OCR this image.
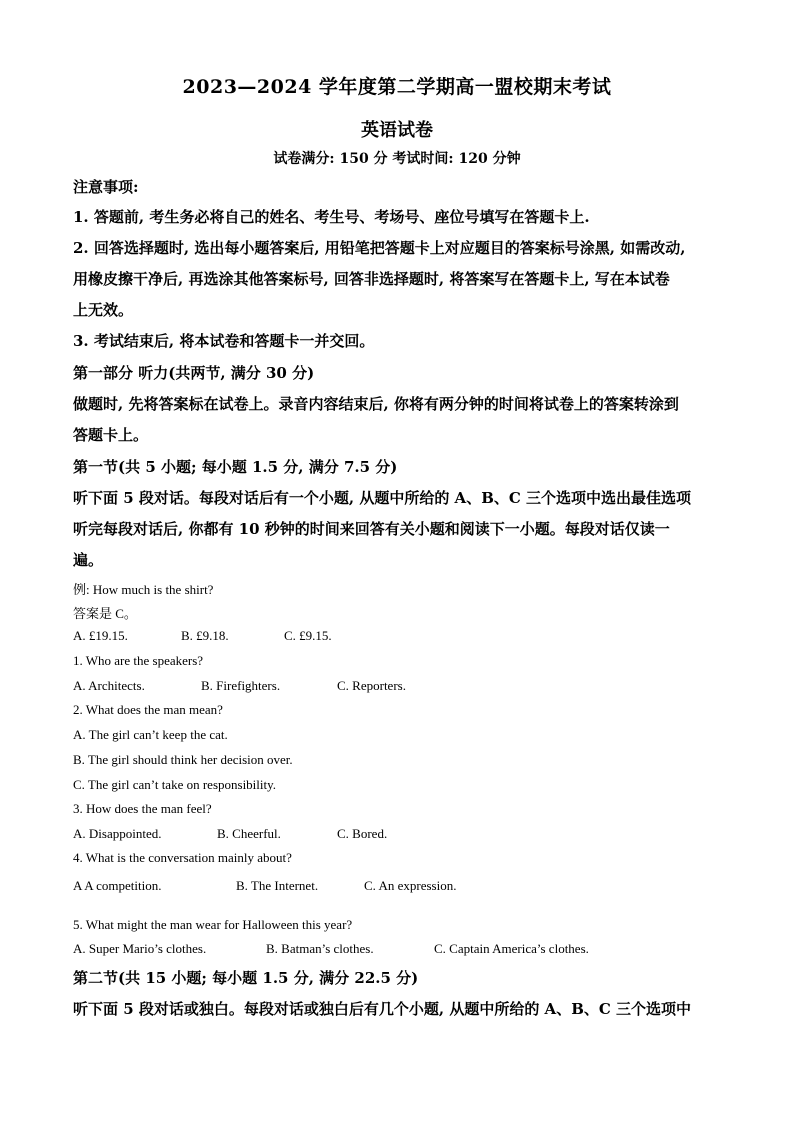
2023—2024 学年度第二学期高一盟校期末考试
英语试卷
试卷满分: 150 分 考试时间: 120 分钟
注意事项:
1. 答题前, 考生务必将自己的姓名、考生号、考场号、座位号填写在答题卡上.
2. 回答选择题时, 选出每小题答案后, 用铅笔把答题卡上对应题目的答案标号涂黑, 如需改动,
用橡皮擦干净后, 再选涂其他答案标号, 回答非选择题时, 将答案写在答题卡上, 写在本试卷
上无效。
3. 考试结束后, 将本试卷和答题卡一并交回。
第一部分 听力(共两节, 满分 30 分)
做题时, 先将答案标在试卷上。录音内容结束后, 你将有两分钟的时间将试卷上的答案转涂到
答题卡上。
第一节(共 5 小题; 每小题 1.5 分, 满分 7.5 分)
听下面 5 段对话。每段对话后有一个小题, 从题中所给的 A、B、C 三个选项中选出最佳选项
听完每段对话后, 你都有 10 秒钟的时间来回答有关小题和阅读下一小题。每段对话仅读一
遍。
例: How much is the shirt?
答案是 C。
A. £19.15.	B. £9.18.	C. £9.15.
1. Who are the speakers?
A. Architects.	B. Firefighters.	C. Reporters.
2. What does the man mean?
A. The girl can’t keep the cat.
B. The girl should think her decision over.
C. The girl can’t take on responsibility.
3. How does the man feel?
A. Disappointed.	B. Cheerful.	C. Bored.
4. What is the conversation mainly about?
A A competition.	B. The Internet.	C. An expression.
5. What might the man wear for Halloween this year?
A. Super Mario’s clothes.	B. Batman’s clothes.	C. Captain America’s clothes.
第二节(共 15 小题; 每小题 1.5 分, 满分 22.5 分)
听下面 5 段对话或独白。每段对话或独白后有几个小题, 从题中所给的 A、B、C 三个选项中
